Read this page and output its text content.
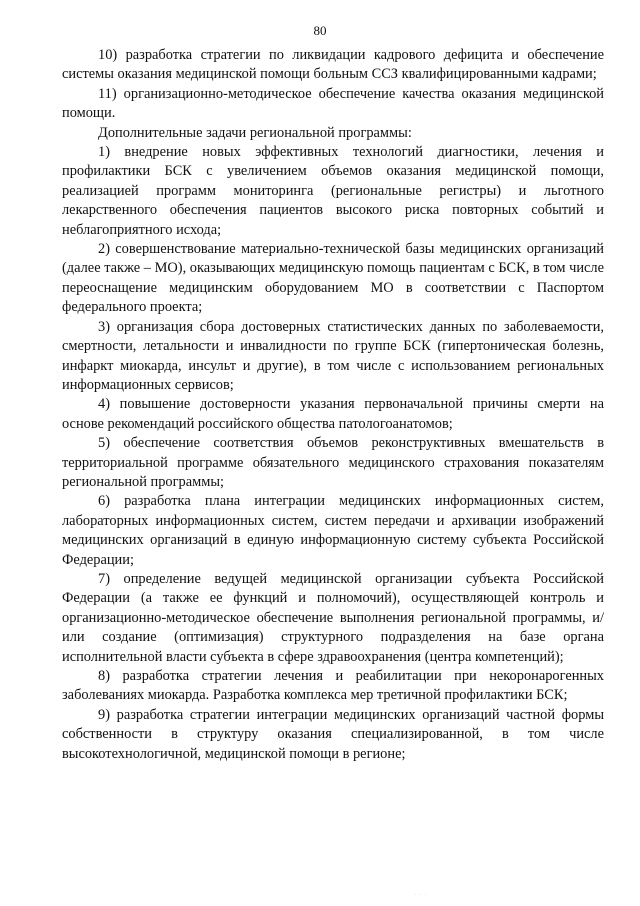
80

10) разработка стратегии по ликвидации кадрового дефицита и обеспечение системы оказания медицинской помощи больным ССЗ квалифицированными кадрами;

11) организационно-методическое обеспечение качества оказания медицинской помощи.

Дополнительные задачи региональной программы:

1) внедрение новых эффективных технологий диагностики, лечения и профилактики БСК с увеличением объемов оказания медицинской помощи, реализацией программ мониторинга (региональные регистры) и льготного лекарственного обеспечения пациентов высокого риска повторных событий и неблагоприятного исхода;

2) совершенствование материально-технической базы медицинских организаций (далее также – МО), оказывающих медицинскую помощь пациентам с БСК, в том числе переоснащение медицинским оборудованием МО в соответствии с Паспортом федерального проекта;

3) организация сбора достоверных статистических данных по заболеваемости, смертности, летальности и инвалидности по группе БСК (гипертоническая болезнь, инфаркт миокарда, инсульт и другие), в том числе с использованием региональных информационных сервисов;

4) повышение достоверности указания первоначальной причины смерти на основе рекомендаций российского общества патологоанатомов;

5) обеспечение соответствия объемов реконструктивных вмешательств в территориальной программе обязательного медицинского страхования показателям региональной программы;

6) разработка плана интеграции медицинских информационных систем, лабораторных информационных систем, систем передачи и архивации изображений медицинских организаций в единую информационную систему субъекта Российской Федерации;

7) определение ведущей медицинской организации субъекта Российской Федерации (а также ее функций и полномочий), осуществляющей контроль и организационно-методическое обеспечение выполнения региональной программы, и/или создание (оптимизация) структурного подразделения на базе органа исполнительной власти субъекта в сфере здравоохранения (центра компетенций);

8) разработка стратегии лечения и реабилитации при некоронарогенных заболеваниях миокарда. Разработка комплекса мер третичной профилактики БСК;

9) разработка стратегии интеграции медицинских организаций частной формы собственности в структуру оказания специализированной, в том числе высокотехнологичной, медицинской помощи в регионе;

· · ·
